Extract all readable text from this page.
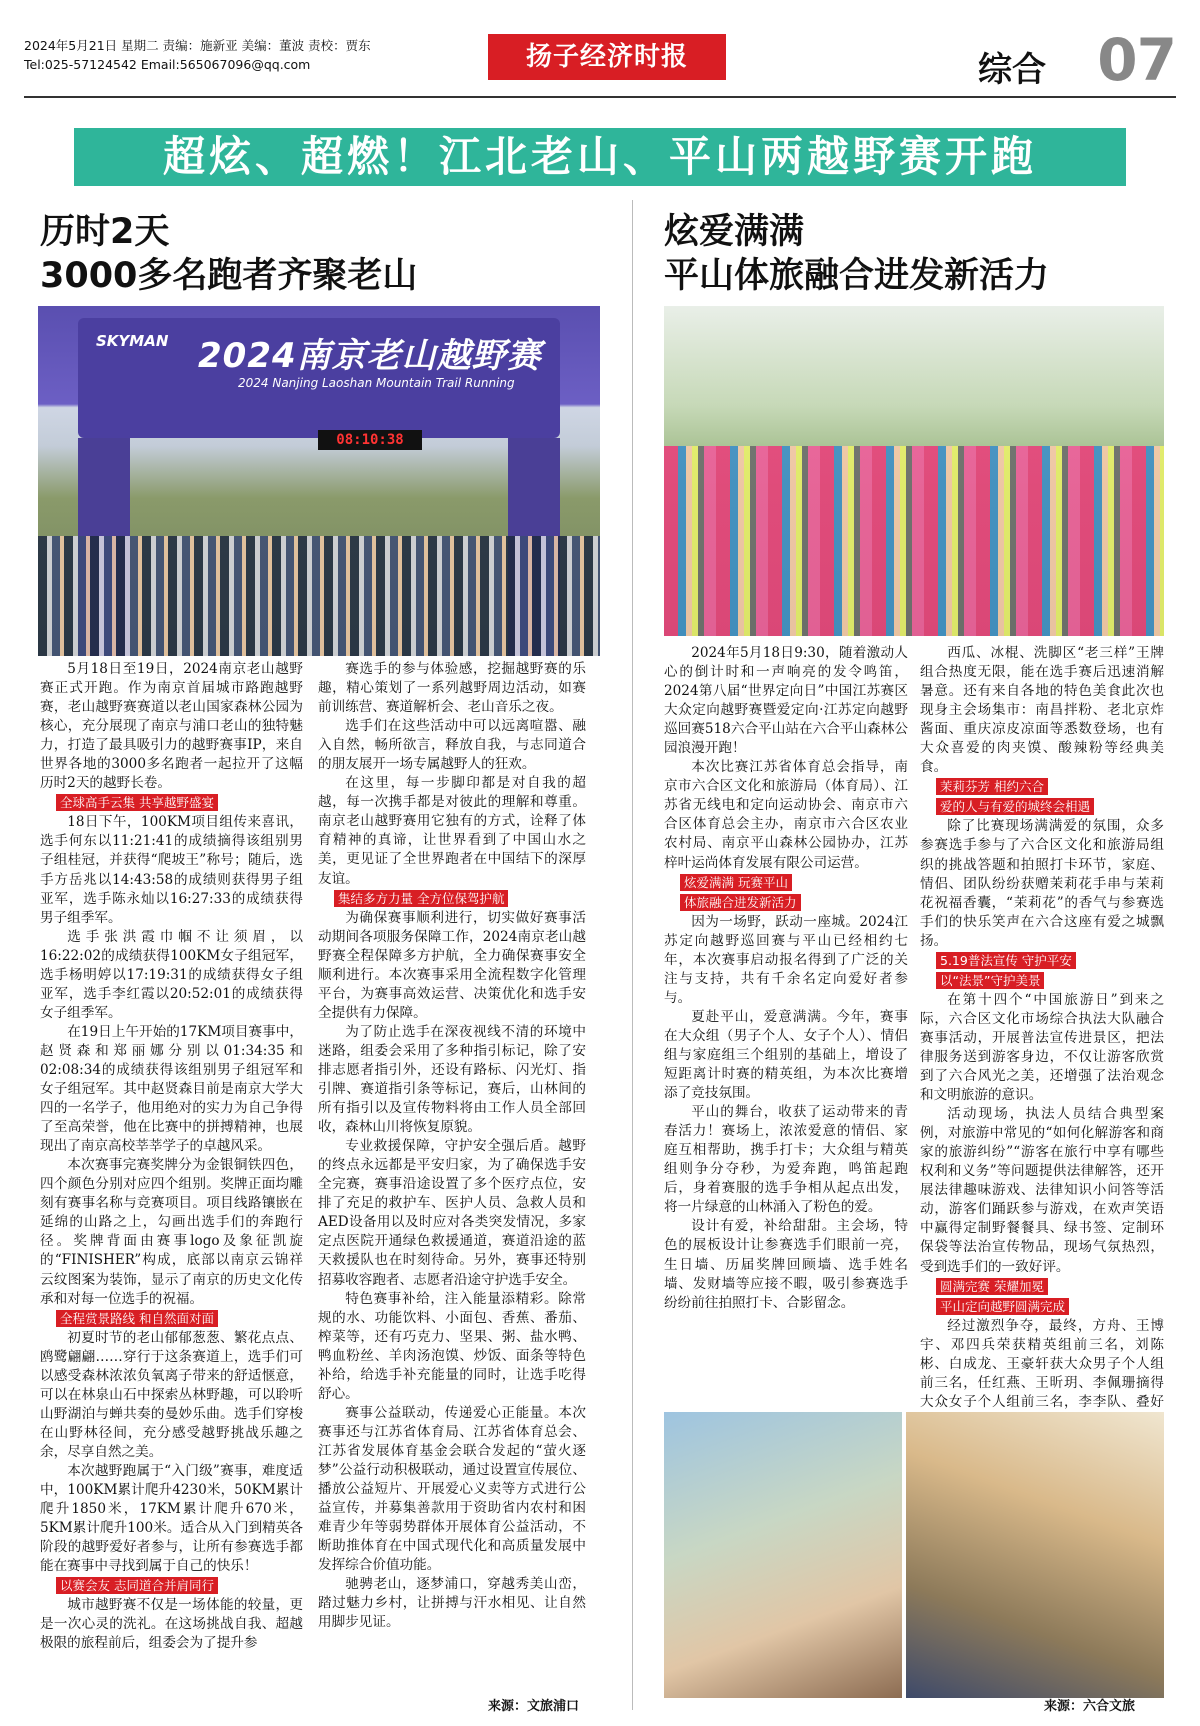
2024年5月21日 星期二 责编：施新亚 美编：董波 责校：贾东
Tel:025-57124542 Email:565067096@qq.com	扬子经济时报	综合 07
超炫、超燃！江北老山、平山两越野赛开跑
历时2天
3000多名跑者齐聚老山
SKYMAN 2024南京老山越野赛
2024 Nanjing Laoshan Mountain Trail Running
08:10:38

5月18日至19日，2024南京老山越野赛正式开跑。作为南京首届城市路跑越野赛，老山越野赛赛道以老山国家森林公园为核心，充分展现了南京与浦口老山的独特魅力，打造了最具吸引力的越野赛事IP，来自世界各地的3000多名跑者一起拉开了这幅历时2天的越野长卷。

全球高手云集 共享越野盛宴

18日下午，100KM项目组传来喜讯，选手何东以11:21:41的成绩摘得该组别男子组桂冠，并获得“爬坡王”称号；随后，选手方岳兆以14:43:58的成绩则获得男子组亚军，选手陈永灿以16:27:33的成绩获得男子组季军。

选手张洪霞巾帼不让须眉，以16:22:02的成绩获得100KM女子组冠军，选手杨明婷以17:19:31的成绩获得女子组亚军，选手李红霞以20:52:01的成绩获得女子组季军。

在19日上午开始的17KM项目赛事中，赵贤森和郑丽娜分别以01:34:35和02:08:34的成绩获得该组别男子组冠军和女子组冠军。其中赵贤森目前是南京大学大四的一名学子，他用绝对的实力为自己争得了至高荣誉，他在比赛中的拼搏精神，也展现出了南京高校莘莘学子的卓越风采。

本次赛事完赛奖牌分为金银铜铁四色，四个颜色分别对应四个组别。奖牌正面均雕刻有赛事名称与竞赛项目。项目线路镶嵌在延绵的山路之上，勾画出选手们的奔跑行径。奖牌背面由赛事logo及象征凯旋的“FINISHER”构成，底部以南京云锦祥云纹图案为装饰，显示了南京的历史文化传承和对每一位选手的祝福。

全程赏景路线 和自然面对面

初夏时节的老山郁郁葱葱、繁花点点、鸥鹭翩翩……穿行于这条赛道上，选手们可以感受森林浓浓负氧离子带来的舒适惬意，可以在林泉山石中探索丛林野趣，可以聆听山野湖泊与蝉共奏的曼妙乐曲。选手们穿梭在山野林径间，充分感受越野挑战乐趣之余，尽享自然之美。

本次越野跑属于“入门级”赛事，难度适中，100KM累计爬升4230米，50KM累计爬升1850米，17KM累计爬升670米，5KM累计爬升100米。适合从入门到精英各阶段的越野爱好者参与，让所有参赛选手都能在赛事中寻找到属于自己的快乐！

以赛会友 志同道合并肩同行

城市越野赛不仅是一场体能的较量，更是一次心灵的洗礼。在这场挑战自我、超越极限的旅程前后，组委会为了提升参

赛选手的参与体验感，挖掘越野赛的乐趣，精心策划了一系列越野周边活动，如赛前训练营、赛道解析会、老山音乐之夜。

选手们在这些活动中可以远离喧嚣、融入自然，畅所欲言，释放自我，与志同道合的朋友展开一场专属越野人的狂欢。

在这里，每一步脚印都是对自我的超越，每一次携手都是对彼此的理解和尊重。南京老山越野赛用它独有的方式，诠释了体育精神的真谛，让世界看到了中国山水之美，更见证了全世界跑者在中国结下的深厚友谊。

集结多方力量 全方位保驾护航

为确保赛事顺利进行，切实做好赛事活动期间各项服务保障工作，2024南京老山越野赛全程保障多方护航，全力确保赛事安全顺利进行。本次赛事采用全流程数字化管理平台，为赛事高效运营、决策优化和选手安全提供有力保障。

为了防止选手在深夜视线不清的环境中迷路，组委会采用了多种指引标记，除了安排志愿者指引外，还设有路标、闪光灯、指引牌、赛道指引条等标记，赛后，山林间的所有指引以及宣传物料将由工作人员全部回收，森林山川将恢复原貌。

专业救援保障，守护安全强后盾。越野的终点永远都是平安归家，为了确保选手安全完赛，赛事沿途设置了多个医疗点位，安排了充足的救护车、医护人员、急救人员和AED设备用以及时应对各类突发情况，多家定点医院开通绿色救援通道，赛道沿途的蓝天救援队也在时刻待命。另外，赛事还特别招募收容跑者、志愿者沿途守护选手安全。

特色赛事补给，注入能量添精彩。除常规的水、功能饮料、小面包、香蕉、番茄、榨菜等，还有巧克力、坚果、粥、盐水鸭、鸭血粉丝、羊肉汤泡馍、炒饭、面条等特色补给，给选手补充能量的同时，让选手吃得舒心。

赛事公益联动，传递爱心正能量。本次赛事还与江苏省体育局、江苏省体育总会、江苏省发展体育基金会联合发起的“萤火逐梦”公益行动积极联动，通过设置宣传展位、播放公益短片、开展爱心义卖等方式进行公益宣传，并募集善款用于资助省内农村和困难青少年等弱势群体开展体育公益活动，不断助推体育在中国式现代化和高质量发展中发挥综合价值功能。

驰骋老山，逐梦浦口，穿越秀美山峦，踏过魅力乡村，让拼搏与汗水相见、让自然用脚步见证。

来源：文旅浦口
炫爱满满
平山体旅融合进发新活力

2024年5月18日9:30，随着激动人心的倒计时和一声响亮的发令鸣笛，2024第八届“世界定向日”中国江苏赛区大众定向越野赛暨爱定向·江苏定向越野巡回赛518六合平山站在六合平山森林公园浪漫开跑！

本次比赛江苏省体育总会指导，南京市六合区文化和旅游局（体育局）、江苏省无线电和定向运动协会、南京市六合区体育总会主办，南京市六合区农业农村局、南京平山森林公园协办，江苏梓叶运尚体育发展有限公司运营。

炫爱满满 玩赛平山
体旅融合进发新活力

因为一场野，跃动一座城。2024江苏定向越野巡回赛与平山已经相约七年，本次赛事启动报名得到了广泛的关注与支持，共有千余名定向爱好者参与。

夏赴平山，爱意满满。今年，赛事在大众组（男子个人、女子个人）、情侣组与家庭组三个组别的基础上，增设了短距离计时赛的精英组，为本次比赛增添了竞技氛围。

平山的舞台，收获了运动带来的青春活力！赛场上，浓浓爱意的情侣、家庭互相帮助，携手打卡；大众组与精英组则争分夺秒，为爱奔跑，鸣笛起跑后，身着赛服的选手争相从起点出发，将一片绿意的山林涌入了粉色的爱。

设计有爱，补给甜甜。主会场，特色的展板设计让参赛选手们眼前一亮，生日墙、历届奖牌回顾墙、选手姓名墙、发财墙等应接不暇，吸引参赛选手纷纷前往拍照打卡、合影留念。

西瓜、冰棍、洗脚区“老三样”王牌组合热度无限，能在选手赛后迅速消解暑意。还有来自各地的特色美食此次也现身主会场集市：南昌拌粉、老北京炸酱面、重庆凉皮凉面等悉数登场，也有大众喜爱的肉夹馍、酸辣粉等经典美食。

茉莉芬芳 相约六合
爱的人与有爱的城终会相遇

除了比赛现场满满爱的氛围，众多参赛选手参与了六合区文化和旅游局组织的挑战答题和拍照打卡环节，家庭、情侣、团队纷纷获赠茉莉花手串与茉莉花祝福香囊，“茉莉花”的香气与参赛选手们的快乐笑声在六合这座有爱之城飘扬。

5.19普法宣传 守护平安
以“法景”守护美景

在第十四个“中国旅游日”到来之际，六合区文化市场综合执法大队融合赛事活动，开展普法宣传进景区，把法律服务送到游客身边，不仅让游客欣赏到了六合风光之美，还增强了法治观念和文明旅游的意识。

活动现场，执法人员结合典型案例，对旅游中常见的“如何化解游客和商家的旅游纠纷”“游客在旅行中享有哪些权利和义务”等问题提供法律解答，还开展法律趣味游戏、法律知识小问答等活动，游客们踊跃参与游戏，在欢声笑语中赢得定制野餐餐具、绿书签、定制环保袋等法治宣传物品，现场气氛热烈，受到选手们的一致好评。

圆满完赛 荣耀加冕
平山定向越野圆满完成

经过激烈争夺，最终，方舟、王博宇、邓四兵荣获精英组前三名，刘陈彬、白成龙、王豪轩获大众男子个人组前三名，任红燕、王昕玥、李佩珊摘得大众女子个人组前三名，李李队、叠好

来源：六合文旅
